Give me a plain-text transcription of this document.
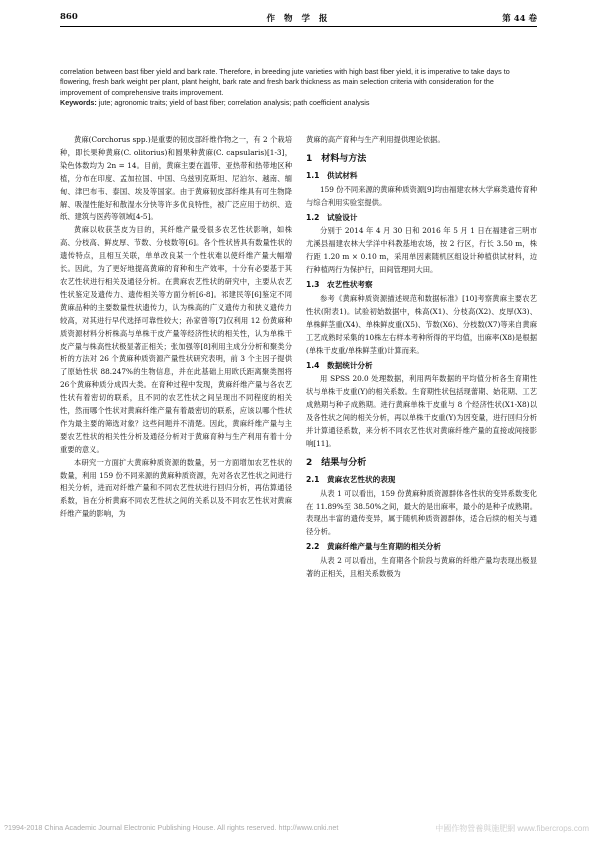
860	作 物 学 报	第 44 卷
correlation between bast fiber yield and bark rate. Therefore, in breeding jute varieties with high bast fiber yield, it is imperative to take days to flowering, fresh bark weight per plant, plant height, bark rate and fresh bark thickness as main selection criteria with consideration for the improvement of comprehensive traits improvement.
Keywords: jute; agronomic traits; yield of bast fiber; correlation analysis; path coefficient analysis

黄麻(Corchorus spp.)是重要的韧皮部纤维作物之一，有 2 个栽培种，即长果种黄麻(C. olitorius)和圆果种黄麻(C. capsularis)[1-3]，染色体数均为 2n = 14。目前，黄麻主要在温带、亚热带和热带地区种植，分布在印度、孟加拉国、中国、乌兹别克斯坦、尼泊尔、越南、缅甸、津巴布韦、泰国、埃及等国家。由于黄麻韧皮部纤维具有可生物降解、吸湿性能好和散湿水分快等许多优良特性，被广泛应用于纺织、造纸、建筑与医药等领域[4-5]。

黄麻以收获茎皮为目的，其纤维产量受很多农艺性状影响，如株高、分枝高、鲜皮厚、节数、分枝数等[6]。各个性状皆具有数量性状的遗传特点，且相互关联，单单改良某一个性状难以使纤维产量大幅增长。因此，为了更好地提高黄麻的育种和生产效率，十分有必要基于其农艺性状进行相关及通径分析。在黄麻农艺性状的研究中，主要从农艺性状鉴定及遗传力、遗传相关等方面分析[6-8]。祁建民等[6]鉴定不同黄麻品种的主要数量性状遗传力，认为株高的广义遗传力和狭义遗传力较高，对其进行早代选择可靠性较大；孙家曾等[7]仅利用 12 份黄麻种质资源材料分析株高与单株干皮产量等经济性状的相关性，认为单株干皮产量与株高性状极显著正相关；张加强等[8]利用主成分分析和聚类分析的方法对 26 个黄麻种质资源产量性状研究表明，前 3 个主因子提供了原始性状 88.247%的生物信息，并在此基础上用欧氏距离聚类图将 26个黄麻种质分成四大类。在育种过程中发现，黄麻纤维产量与各农艺性状有着密切的联系，且不同的农艺性状之间呈现出不同程度的相关性，然而哪个性状对黄麻纤维产量有着最密切的联系，应该以哪个性状作为最主要的筛选对象？这些问题并不清楚。因此，黄麻纤维产量与主要农艺性状的相关性分析及通径分析对于黄麻育种与生产利用有着十分重要的意义。

本研究一方面扩大黄麻种质资源的数量，另一方面增加农艺性状的数量，利用 159 份不同来源的黄麻种质资源，先对各农艺性状之间进行相关分析，进而对纤维产量和不同农艺性状进行回归分析，再估算通径系数，旨在分析黄麻不同农艺性状之间的关系以及不同农艺性状对黄麻纤维产量的影响，为

黄麻的高产育种与生产利用提供理论依据。

1　材料与方法
1.1　供试材料

159 份不同来源的黄麻种质资源[9]均由福建农林大学麻类遗传育种与综合利用实验室提供。

1.2　试验设计

分别于 2014 年 4 月 30 日和 2016 年 5 月 1 日在福建省三明市尤溪县福建农林大学洋中科教基地农场，按 2 行区，行长 3.50 m，株行距 1.20 m × 0.10 m，采用单因素随机区组设计种植供试材料，边行种植两行为保护行，田间管理同大田。

1.3　农艺性状考察

参考《黄麻种质资源描述规范和数据标准》[10]考察黄麻主要农艺性状(附表1)。试验初始数据中，株高(X1)、分枝高(X2)、皮厚(X3)、单株鲜茎重(X4)、单株鲜皮重(X5)、节数(X6)、分枝数(X7)等来自黄麻工艺成熟时采集的10株左右样本考种所得的平均值，出麻率(X8)是根据(单株干皮重/单株鲜茎重)计算而来。

1.4　数据统计分析

用 SPSS 20.0 处理数据，利用两年数据的平均值分析各生育期性状与单株干皮重(Y)的相关系数。生育期性状包括现蕾期、始花期、工艺成熟期与种子成熟期。进行黄麻单株干皮重与 8 个经济性状(X1-X8)以及各性状之间的相关分析，再以单株干皮重(Y)为因变量，进行回归分析并计算通径系数，来分析不同农艺性状对黄麻纤维产量的直接或间接影响[11]。

2　结果与分析
2.1　黄麻农艺性状的表现

从表 1 可以看出，159 份黄麻种质资源群体各性状的变异系数变化在 11.89%至 38.50%之间，最大的是出麻率，最小的是种子成熟期。表现出丰富的遗传变异，属于随机种质资源群体，适合后续的相关与通径分析。

2.2　黄麻纤维产量与生育期的相关分析

从表 2 可以看出，生育期各个阶段与黄麻的纤维产量均表现出极显著的正相关，且相关系数极为

?1994-2018 China Academic Journal Electronic Publishing House. All rights reserved. http://www.cnki.net	中國作物營養與施肥網 www.fibercrops.com
